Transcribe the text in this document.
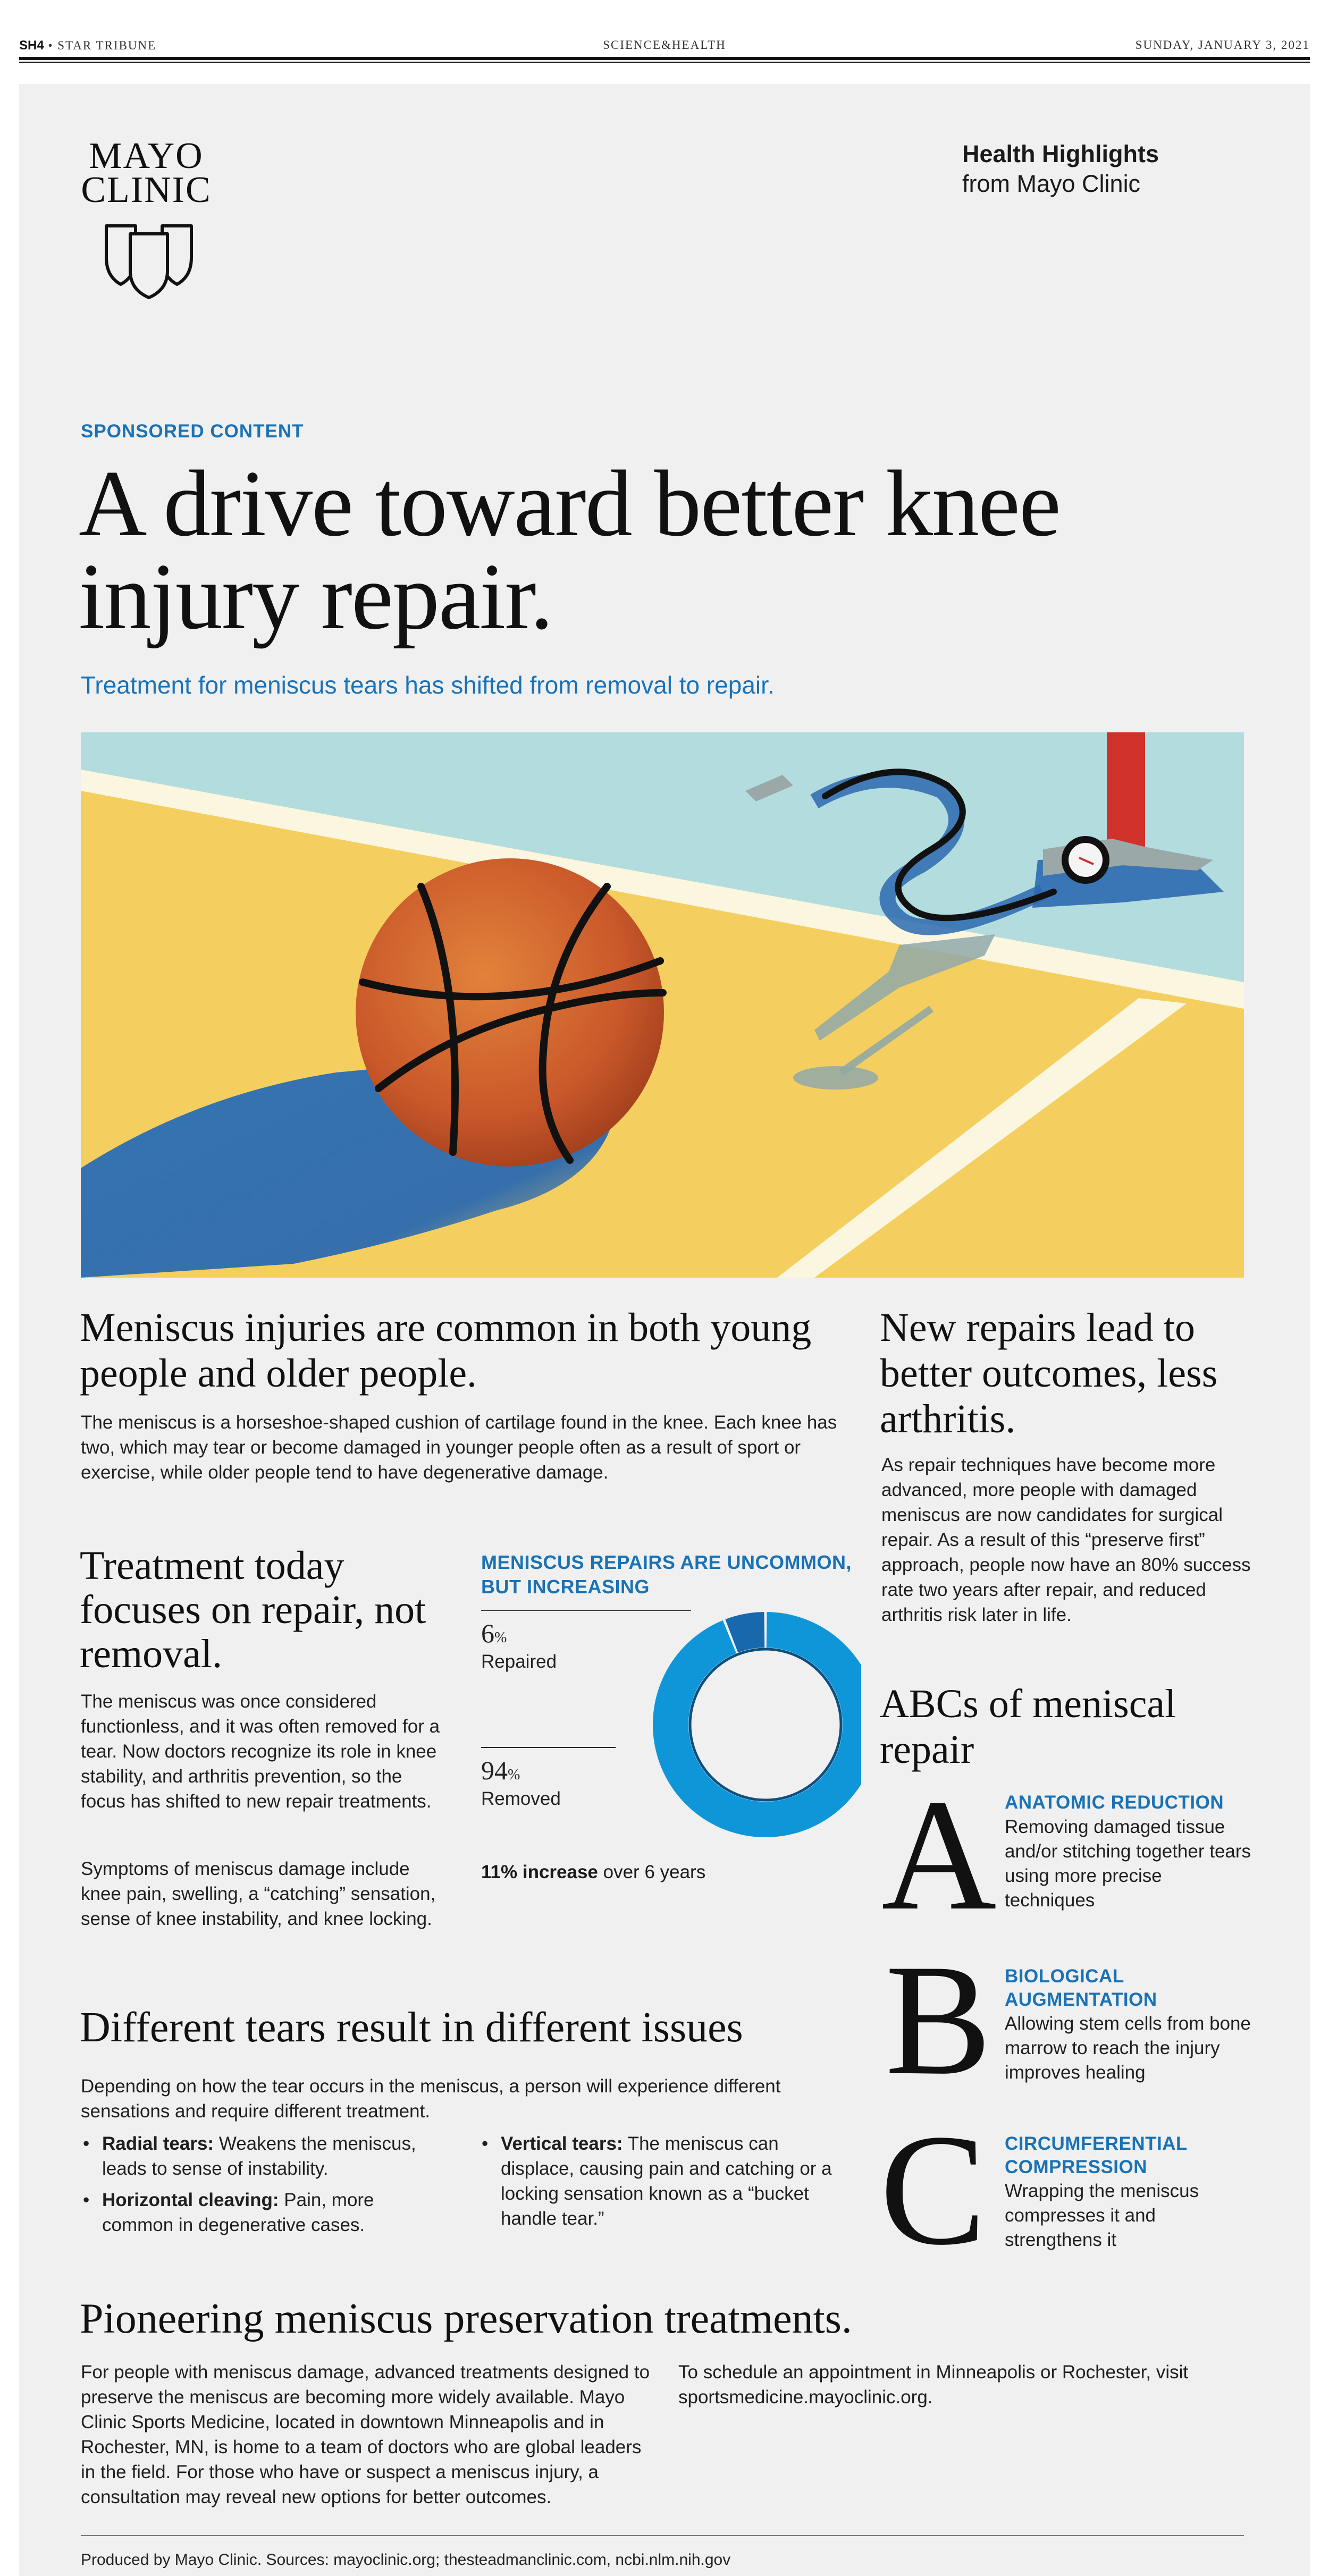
SH4 • STAR TRIBUNE	SCIENCE&HEALTH	SUNDAY, JANUARY 3, 2021
MAYO
CLINIC
Health Highlights
from Mayo Clinic
SPONSORED CONTENT
A drive toward better knee injury repair.
Treatment for meniscus tears has shifted from removal to repair.
Meniscus injuries are common in both young people and older people.
The meniscus is a horseshoe-shaped cushion of cartilage found in the knee. Each knee has two, which may tear or become damaged in younger people often as a result of sport or exercise, while older people tend to have degenerative damage.
Treatment today focuses on repair, not removal.
The meniscus was once considered functionless, and it was often removed for a tear. Now doctors recognize its role in knee stability, and arthritis prevention, so the focus has shifted to new repair treatments.
Symptoms of meniscus damage include knee pain, swelling, a “catching” sensation, sense of knee instability, and knee locking.
MENISCUS REPAIRS ARE UNCOMMON, BUT INCREASING
6%
Repaired
94%
Removed
11% increase over 6 years
Different tears result in different issues
Depending on how the tear occurs in the meniscus, a person will experience different sensations and require different treatment.
• Radial tears: Weakens the meniscus, leads to sense of instability.
• Horizontal cleaving: Pain, more common in degenerative cases.
• Vertical tears: The meniscus can displace, causing pain and catching or a locking sensation known as a “bucket handle tear.”
New repairs lead to better outcomes, less arthritis.
As repair techniques have become more advanced, more people with damaged meniscus are now candidates for surgical repair. As a result of this “preserve first” approach, people now have an 80% success rate two years after repair, and reduced arthritis risk later in life.
ABCs of meniscal repair
A ANATOMIC REDUCTION
Removing damaged tissue and/or stitching together tears using more precise techniques
B BIOLOGICAL AUGMENTATION
Allowing stem cells from bone marrow to reach the injury improves healing
C CIRCUMFERENTIAL COMPRESSION
Wrapping the meniscus compresses it and strengthens it
Pioneering meniscus preservation treatments.
For people with meniscus damage, advanced treatments designed to preserve the meniscus are becoming more widely available. Mayo Clinic Sports Medicine, located in downtown Minneapolis and in Rochester, MN, is home to a team of doctors who are global leaders in the field. For those who have or suspect a meniscus injury, a consultation may reveal new options for better outcomes.
To schedule an appointment in Minneapolis or Rochester, visit sportsmedicine.mayoclinic.org.
Produced by Mayo Clinic. Sources: mayoclinic.org; thesteadmanclinic.com, ncbi.nlm.nih.gov
